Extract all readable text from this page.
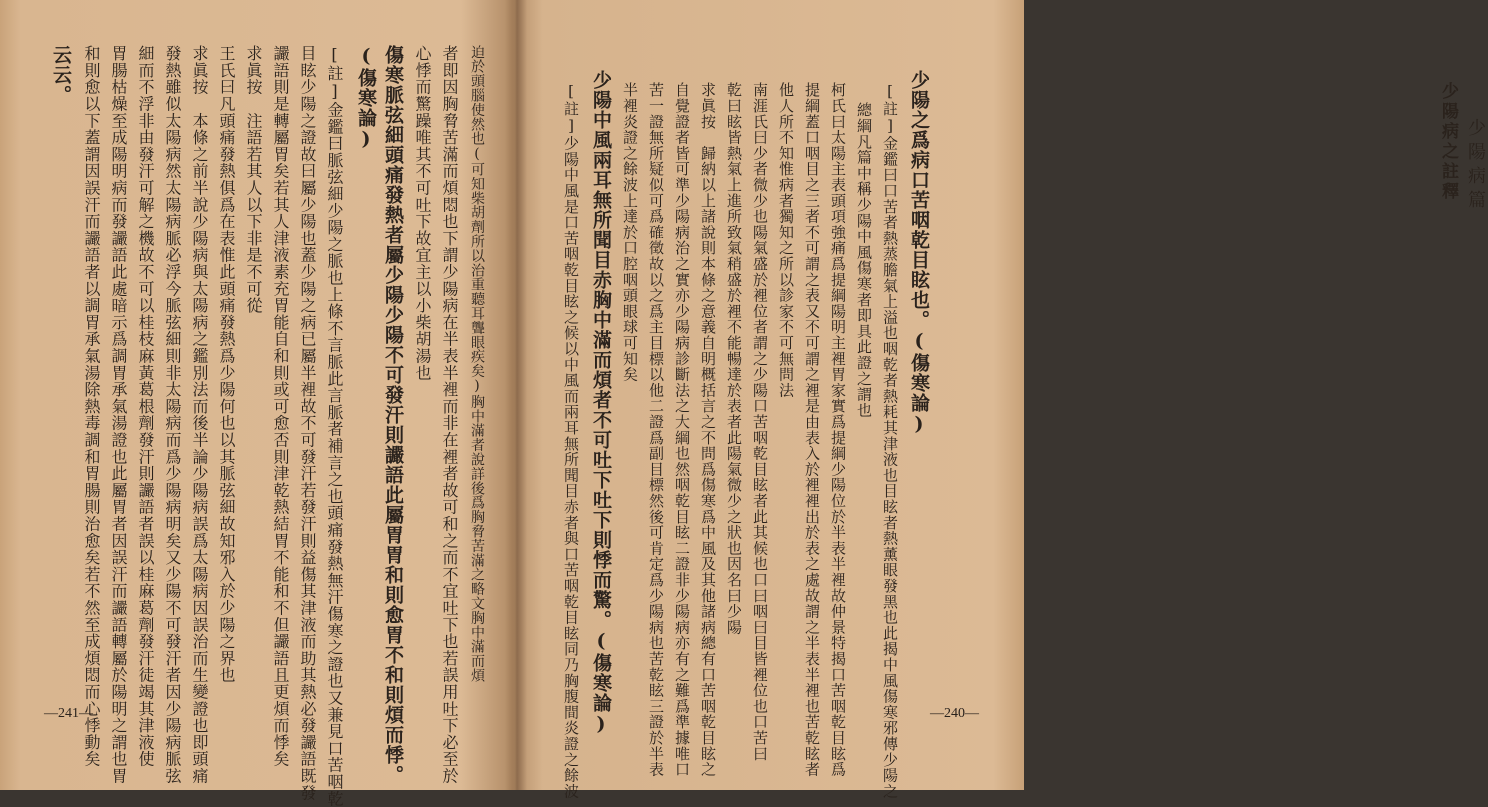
少陽病篇
少陽病之註釋
—240—
少陽之爲病口苦咽乾目眩也。(傷寒論)
[註]金鑑曰口苦者熱蒸膽氣上溢也咽乾者熱耗其津液也目眩者熱薰眼發黑也此揭中風傷寒邪傳少陽之
總綱凡篇中稱少陽中風傷寒者即具此證之謂也
柯氏曰太陽主表頭項強痛爲提綱陽明主裡胃家實爲提綱少陽位於半表半裡故仲景特揭口苦咽乾目眩爲
提綱蓋口咽目之三者不可謂之表又不可謂之裡是由表入於裡裡出於表之處故謂之半表半裡也苦乾眩者
他人所不知惟病者獨知之所以診家不可無問法
南涯氏曰少者微少也陽氣盛於裡位者謂之少陽口苦咽乾目眩者此其候也口曰咽曰目皆裡位也口苦曰
乾曰眩皆熱氣上進所致氣稍盛於裡不能暢達於表者此陽氣微少之狀也因名曰少陽
求眞按　歸納以上諸說則本條之意義自明概括言之不問爲傷寒爲中風及其他諸病總有口苦咽乾目眩之
自覺證者皆可準少陽病治之實亦少陽病診斷法之大綱也然咽乾目眩二證非少陽病亦有之難爲準據唯口
苦一證無所疑似可爲確徵故以之爲主目標以他二證爲副目標然後可肯定爲少陽病也苦乾眩三證於半表
半裡炎證之餘波上達於口腔咽頭眼球可知矣
少陽中風兩耳無所聞目赤胸中滿而煩者不可吐下吐下則悸而驚。(傷寒論)
[註]少陽中風是口苦咽乾目眩之候以中風而兩耳無所聞目赤者與口苦咽乾目眩同乃胸腹間炎證之餘波
—241—
迫於頭腦使然也(可知柴胡劑所以治重聽耳聾眼疾矣)胸中滿者說詳後爲胸脅苦滿之略文胸中滿而煩
者即因胸脅苦滿而煩悶也下謂少陽病在半表半裡而非在裡者故可和之而不宜吐下也若誤用吐下必至於
心悸而驚躁唯其不可吐下故宜主以小柴胡湯也
傷寒脈弦細頭痛發熱者屬少陽少陽不可發汗則讝語此屬胃胃和則愈胃不和則煩而悸。
(傷寒論)
[註]金鑑曰脈弦細少陽之脈也上條不言脈此言脈者補言之也頭痛發熱無汗傷寒之證也又兼見口苦咽乾
目眩少陽之證故曰屬少陽也蓋少陽之病已屬半裡故不可發汗若發汗則益傷其津液而助其熱必發讝語既發
讝語則是轉屬胃矣若其人津液素充胃能自和則或可愈否則津乾熱結胃不能和不但讝語且更煩而悸矣
求眞按　注語若其人以下非是不可從
王氏曰凡頭痛發熱俱爲在表惟此頭痛發熱爲少陽何也以其脈弦細故知邪入於少陽之界也
求眞按　本條之前半說少陽病與太陽病之鑑別法而後半論少陽病誤爲太陽病因誤治而生變證也即頭痛
發熱雖似太陽病然太陽病脈必浮今脈弦細則非太陽病而爲少陽病明矣又少陽不可發汗者因少陽病脈弦
細而不浮非由發汗可解之機故不可以桂枝麻黃葛根劑發汗則讝語者誤以桂麻葛劑發汗徒竭其津液使
胃腸枯燥至成陽明病而發讝語此處暗示爲調胃承氣湯證也此屬胃者因誤汗而讝語轉屬於陽明之謂也胃
和則愈以下蓋謂因誤汗而讝語者以調胃承氣湯除熱毒調和胃腸則治愈矣若不然至成煩悶而心悸動矣
云云。
